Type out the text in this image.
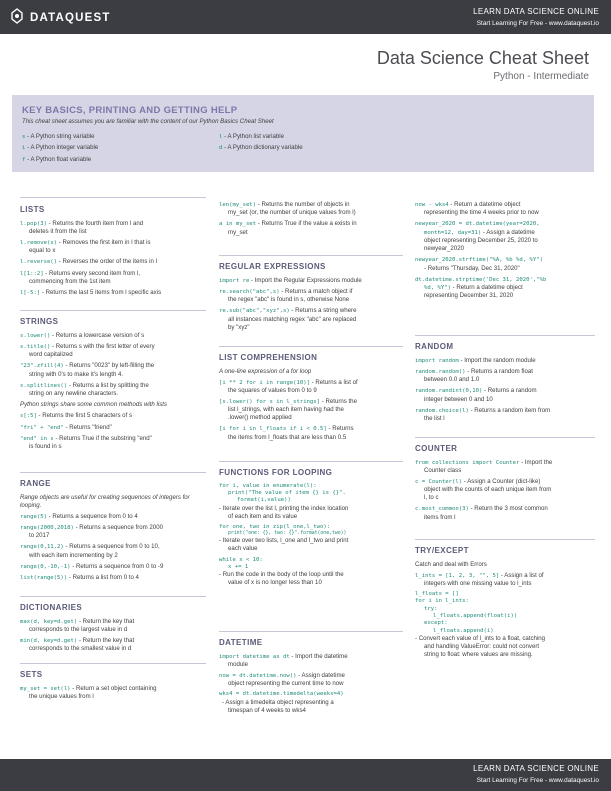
DATAQUEST
LEARN DATA SCIENCE ONLINE
Start Learning For Free - www.dataquest.io
Data Science Cheat Sheet
Python - Intermediate
KEY BASICS, PRINTING AND GETTING HELP
This cheat sheet assumes you are familiar with the content of our Python Basics Cheat Sheet
s - A Python string variable
i - A Python integer variable
f - A Python float variable
l - A Python list variable
d - A Python dictionary variable
LISTS
l.pop(3) - Returns the fourth item from l and
deletes it from the list
l.remove(x) - Removes the first item in l that is
equal to x
l.reverse() - Reverses the order of the items in l
l[1::2] - Returns every second item from l,
commencing from the 1st item
l[-5:] - Returns the last 5 items from l specific axis
STRINGS
s.lower() - Returns a lowercase version of s
s.title() - Returns s with the first letter of every
word capitalized
"23".zfill(4) - Returns "0023" by left-filling the
string with 0's to make it's length 4.
s.splitlines() - Returns a list by splitting the
string on any newline characters.
Python strings share some common methods with lists
s[:5] - Returns the first 5 characters of s
"fri" + "end" - Returns "friend"
"end" in s - Returns True if the substring "end"
is found in s
RANGE
Range objects are useful for creating sequences of integers for looping.
range(5) - Returns a sequence from 0 to 4
range(2000,2018) - Returns a sequence from 2000
to 2017
range(0,11,2) - Returns a sequence from 0 to 10,
with each item incrementing by 2
range(0,-10,-1) - Returns a sequence from 0 to -9
list(range(5)) - Returns a list from 0 to 4
DICTIONARIES
max(d, key=d.get) - Return the key that
corresponds to the largest value in d
min(d, key=d.get) - Return the key that
corresponds to the smallest value in d
SETS
my_set = set(l) - Return a set object containing
the unique values from l
len(my_set) - Returns the number of objects in
my_set (or, the number of unique values from l)
a in my_set - Returns True if the value a exists in
my_set
REGULAR EXPRESSIONS
import re - Import the Regular Expressions module
re.search("abc",s) - Returns a match object if
the regex "abc" is found in s, otherwise None
re.sub("abc","xyz",s) - Returns a string where
all instances matching regex "abc" are replaced
by "xyz"
LIST COMPREHENSION
A one-line expression of a for loop
[i ** 2 for i in range(10)] - Returns a list of
the squares of values from 0 to 9
[s.lower() for s in l_strings] - Returns the
list l_strings, with each item having had the
.lower() method applied
[i for i in l_floats if i < 0.5] - Returns
the items from l_floats that are less than 0.5
FUNCTIONS FOR LOOPING
for i, value in enumerate(l):
print("The value of item {} is {}".
format(i,value))
- Iterate over the list l, printing the index location
of each item and its value
for one, two in zip(l_one,l_two):
print("one: {}, two: {}".format(one,two))
- Iterate over two lists, l_one and l_two and print
each value
while x < 10:
x += 1
- Run the code in the body of the loop until the
value of x is no longer less than 10
DATETIME
import datetime as dt - Import the datetime
module
now = dt.datetime.now() - Assign datetime
object representing the current time to now
wks4 = dt.datetime.timedelta(weeks=4)
- Assign a timedelta object representing a
timespan of 4 weeks to wks4
now - wks4 - Return a datetime object
representing the time 4 weeks prior to now
newyear_2020 = dt.datetime(year=2020,
month=12, day=31) - Assign a datetime
object representing December 25, 2020 to
newyear_2020
newyear_2020.strftime("%A, %b %d, %Y")
- Returns "Thursday, Dec 31, 2020"
dt.datetime.strptime('Dec 31, 2020',"%b
%d, %Y") - Return a datetime object
representing December 31, 2020
RANDOM
import random - Import the random module
random.random() - Returns a random float
between 0.0 and 1.0
random.randint(0,10) - Returns a random
integer between 0 and 10
random.choice(l) - Returns a random item from
the list l
COUNTER
from collections import Counter - Import the
Counter class
c = Counter(l) - Assign a Counter (dict-like)
object with the counts of each unique item from
l, to c
c.most_common(3) - Return the 3 most common
items from l
TRY/EXCEPT
Catch and deal with Errors
l_ints = [1, 2, 3, "", 5] - Assign a list of
integers with one missing value to l_ints
l_floats = []
for i in l_ints:
try:
l_floats.append(float(i))
except:
l_floats.append(i)
- Convert each value of l_ints to a float, catching
and handling ValueError: could not convert
string to float: where values are missing.
LEARN DATA SCIENCE ONLINE
Start Learning For Free - www.dataquest.io
